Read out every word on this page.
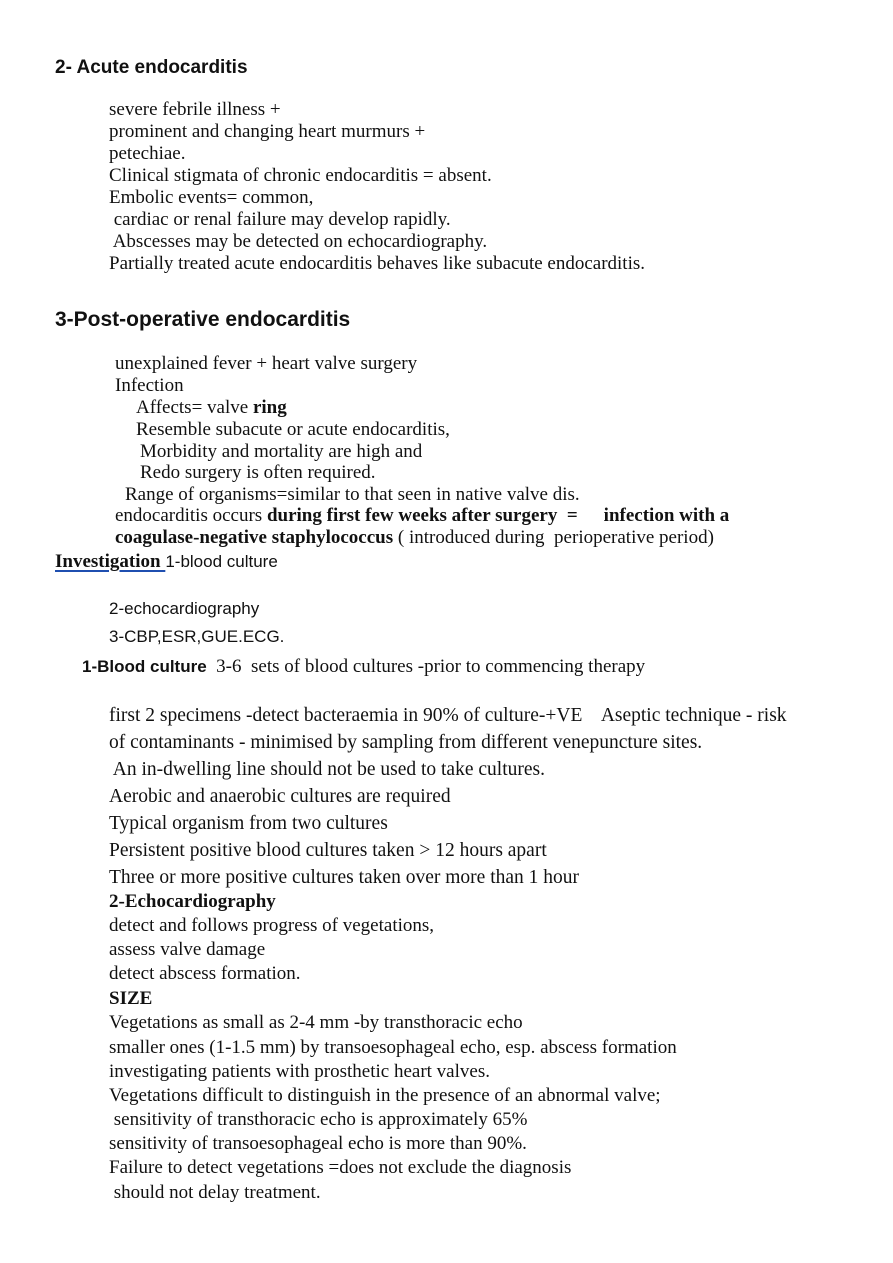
2- Acute endocarditis
severe febrile illness +
prominent and changing heart murmurs +
petechiae.
Clinical stigmata of chronic endocarditis = absent.
Embolic events= common,
cardiac or renal failure may develop rapidly.
Abscesses may be detected on echocardiography.
Partially treated acute endocarditis behaves like subacute endocarditis.
3-Post-operative endocarditis
unexplained fever + heart valve surgery
Infection
Affects= valve ring
Resemble subacute or acute endocarditis,
Morbidity and mortality are high and
Redo surgery is often required.
Range of organisms=similar to that seen in native valve dis.
endocarditis occurs during first few weeks after surgery  = infection with a
coagulase-negative staphylococcus ( introduced during  perioperative period)
Investigation 1-blood culture
2-echocardiography
3-CBP,ESR,GUE.ECG.
1-Blood culture  3-6  sets of blood cultures -prior to commencing therapy
first 2 specimens -detect bacteraemia in 90% of culture-+VE    Aseptic technique - risk
of contaminants - minimised by sampling from different venepuncture sites.
An in-dwelling line should not be used to take cultures.
Aerobic and anaerobic cultures are required
Typical organism from two cultures
Persistent positive blood cultures taken > 12 hours apart
Three or more positive cultures taken over more than 1 hour
2-Echocardiography
detect and follows progress of vegetations,
assess valve damage
detect abscess formation.
SIZE
Vegetations as small as 2-4 mm -by transthoracic echo
smaller ones (1-1.5 mm) by transoesophageal echo, esp. abscess formation
investigating patients with prosthetic heart valves.
Vegetations difficult to distinguish in the presence of an abnormal valve;
sensitivity of transthoracic echo is approximately 65%
sensitivity of transoesophageal echo is more than 90%.
Failure to detect vegetations =does not exclude the diagnosis
should not delay treatment.
